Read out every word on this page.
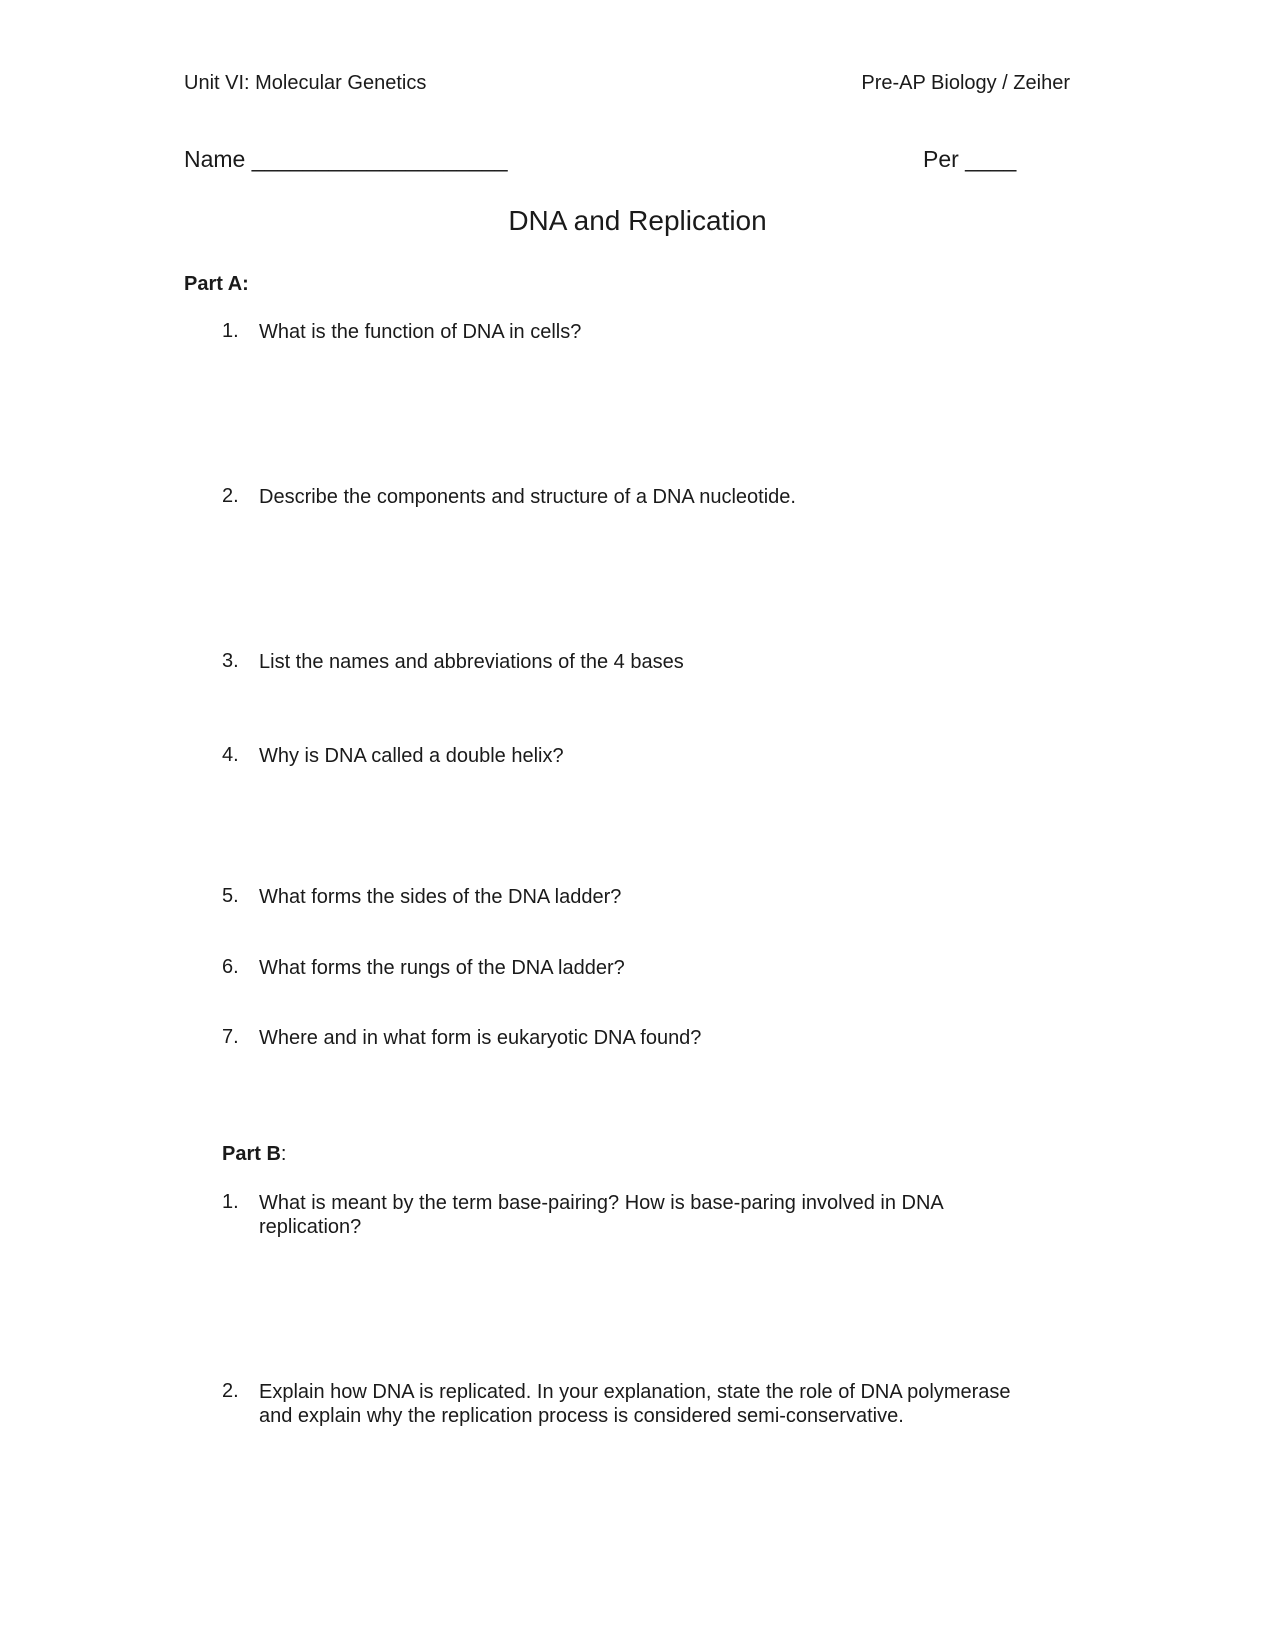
Unit VI: Molecular Genetics	Pre-AP Biology / Zeiher
Name ____________________	Per ____
DNA and Replication
Part A:
1. What is the function of DNA in cells?
2. Describe the components and structure of a DNA nucleotide.
3. List the names and abbreviations of the 4 bases
4. Why is DNA called a double helix?
5. What forms the sides of the DNA ladder?
6. What forms the rungs of the DNA ladder?
7. Where and in what form is eukaryotic DNA found?
Part B:
1. What is meant by the term base-pairing? How is base-paring involved in DNA replication?
2. Explain how DNA is replicated. In your explanation, state the role of DNA polymerase and explain why the replication process is considered semi-conservative.
